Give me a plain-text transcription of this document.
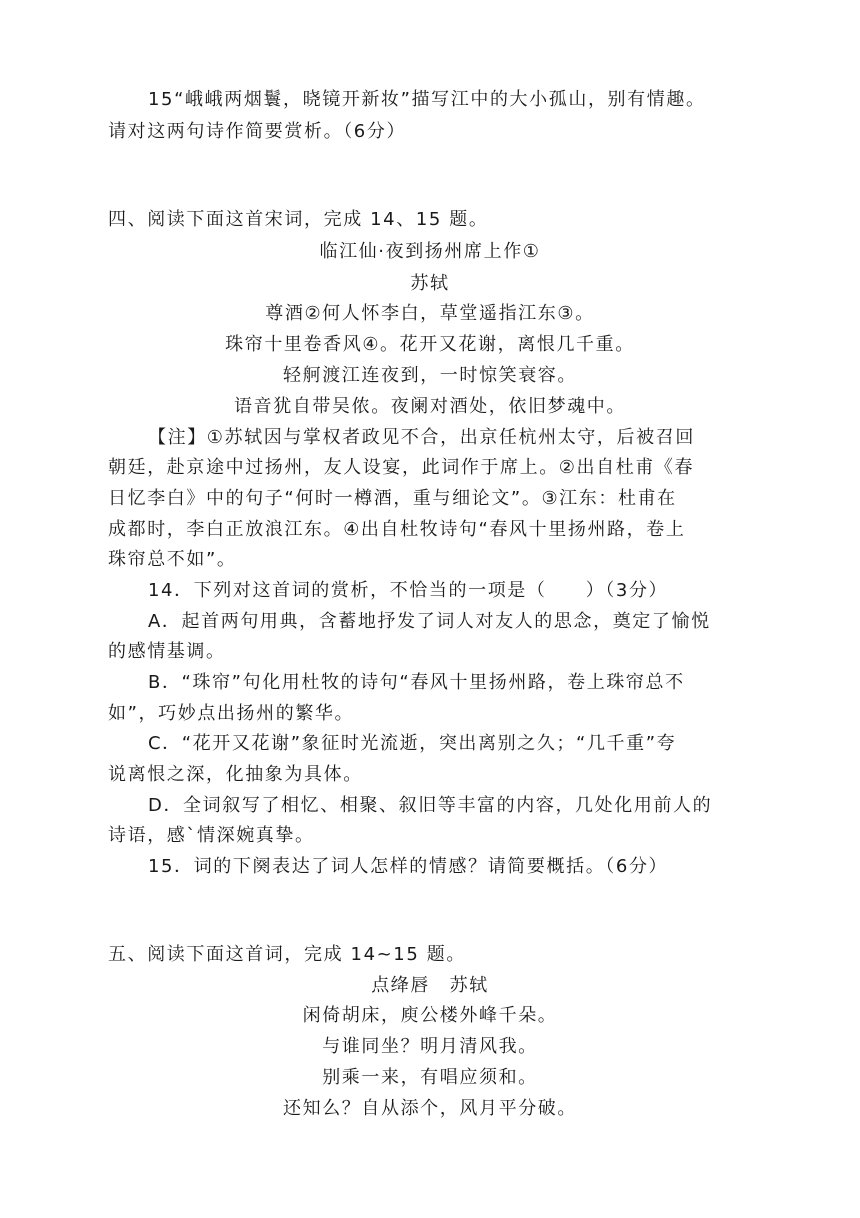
15“峨峨两烟鬟，晓镜开新妆”描写江中的大小孤山，别有情趣。
请对这两句诗作简要赏析。（6分）
四、阅读下面这首宋词，完成 14、15 题。
临江仙·夜到扬州席上作①
苏轼
尊酒②何人怀李白，草堂遥指江东③。
珠帘十里卷香风④。花开又花谢，离恨几千重。
轻舸渡江连夜到，一时惊笑衰容。
语音犹自带吴侬。夜阑对酒处，依旧梦魂中。
【注】①苏轼因与掌权者政见不合，出京任杭州太守，后被召回
朝廷，赴京途中过扬州，友人设宴，此词作于席上。②出自杜甫《春
日忆李白》中的句子“何时一樽酒，重与细论文”。③江东：杜甫在
成都时，李白正放浪江东。④出自杜牧诗句“春风十里扬州路，卷上
珠帘总不如”。
14．下列对这首词的赏析，不恰当的一项是（　　）（3分）
A．起首两句用典，含蓄地抒发了词人对友人的思念，奠定了愉悦
的感情基调。
B．“珠帘”句化用杜牧的诗句“春风十里扬州路，卷上珠帘总不
如”，巧妙点出扬州的繁华。
C．“花开又花谢”象征时光流逝，突出离别之久；“几千重”夸
说离恨之深，化抽象为具体。
D．全词叙写了相忆、相聚、叙旧等丰富的内容，几处化用前人的
诗语，感`情深婉真挚。
15．词的下阕表达了词人怎样的情感？请简要概括。（6分）
五、阅读下面这首词，完成 14~15 题。
点绛唇　苏轼
闲倚胡床，庾公楼外峰千朵。
与谁同坐？明月清风我。
别乘一来，有唱应须和。
还知么？自从添个，风月平分破。
